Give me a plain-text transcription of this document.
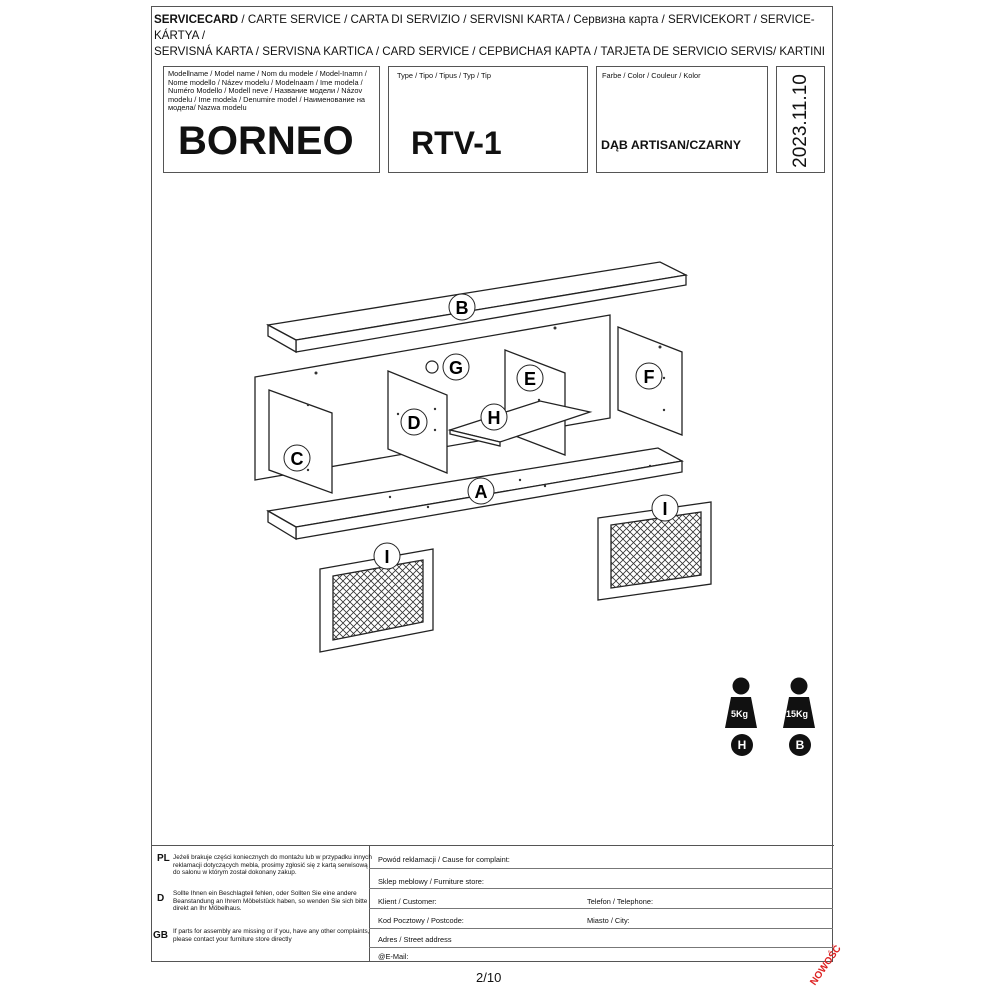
SERVICECARD / CARTE SERVICE / CARTA DI SERVIZIO / SERVISNI KARTA / Сервизна карта / SERVICEKORT / SERVICE-KÁRTYA /
SERVISNÁ KARTA / SERVISNA KARTICA / CARD SERVICE / СЕРВИСНАЯ КАРТА / TARJETA DE SERVICIO SERVIS/ KARTINI
Modellname / Model name / Nom du modele / Model-Inamn / Nome modello / Název modelu / Modelnaam / Ime modela / Numéro Modello / Modell neve / Название модели / Názov modelu / Ime modela / Denumire model / Наименование на модела/ Nazwa modelu
BORNEO
Type / Tipo / Tipus / Typ / Tip
RTV-1
Farbe / Color / Couleur / Kolor
DĄB ARTISAN/CZARNY	2023.11.10
B
G
E	F
H
D
C
A
I
I
5Kg	15Kg
H	B
PL Jeżeli brakuje części koniecznych do montażu lub w przypadku innych reklamacji dotyczących mebla, prosimy zgłosić się z kartą serwisową do salonu w którym został dokonany zakup.
D Sollte Ihnen ein Beschlagteil fehlen, oder Sollten Sie eine andere Beanstandung an Ihrem Möbelstück haben, so wenden Sie sich bitte direkt an Ihr Möbelhaus.
GB If parts for assembly are missing or if you, have any other complaints, please contact your furniture store directly
Powód reklamacji / Cause for complaint:
Sklep meblowy / Furniture store:
Klient / Customer:	Telefon / Telephone:
Kod Pocztowy / Postcode:	Miasto / City:
Adres / Street address
@E-Mail:
2/10	NOWOŚĆ
